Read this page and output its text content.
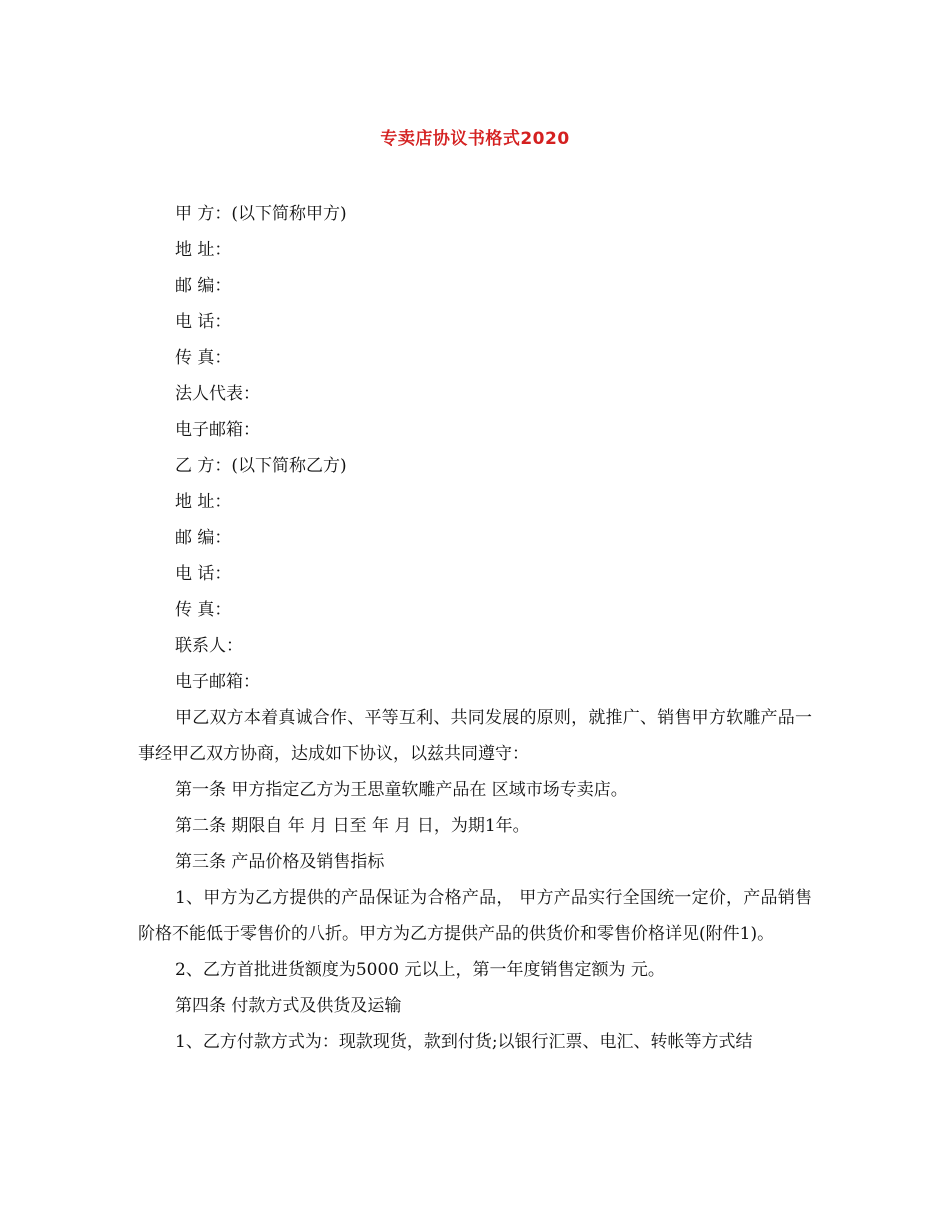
专卖店协议书格式2020

甲 方：(以下简称甲方)

地 址：

邮 编：

电 话：

传 真：

法人代表：

电子邮箱：

乙 方：(以下简称乙方)

地 址：

邮 编：

电 话：

传 真：

联系人：

电子邮箱：

甲乙双方本着真诚合作、平等互利、共同发展的原则，就推广、销售甲方软雕产品一事经甲乙双方协商，达成如下协议，以兹共同遵守：

第一条 甲方指定乙方为王思童软雕产品在 区域市场专卖店。

第二条 期限自 年 月 日至 年 月 日，为期1年。

第三条 产品价格及销售指标

1、甲方为乙方提供的产品保证为合格产品， 甲方产品实行全国统一定价，产品销售阶格不能低于零售价的八折。甲方为乙方提供产品的供货价和零售价格详见(附件1)。

2、乙方首批进货额度为5000 元以上，第一年度销售定额为 元。

第四条 付款方式及供货及运输

1、乙方付款方式为：现款现货，款到付货;以银行汇票、电汇、转帐等方式结
